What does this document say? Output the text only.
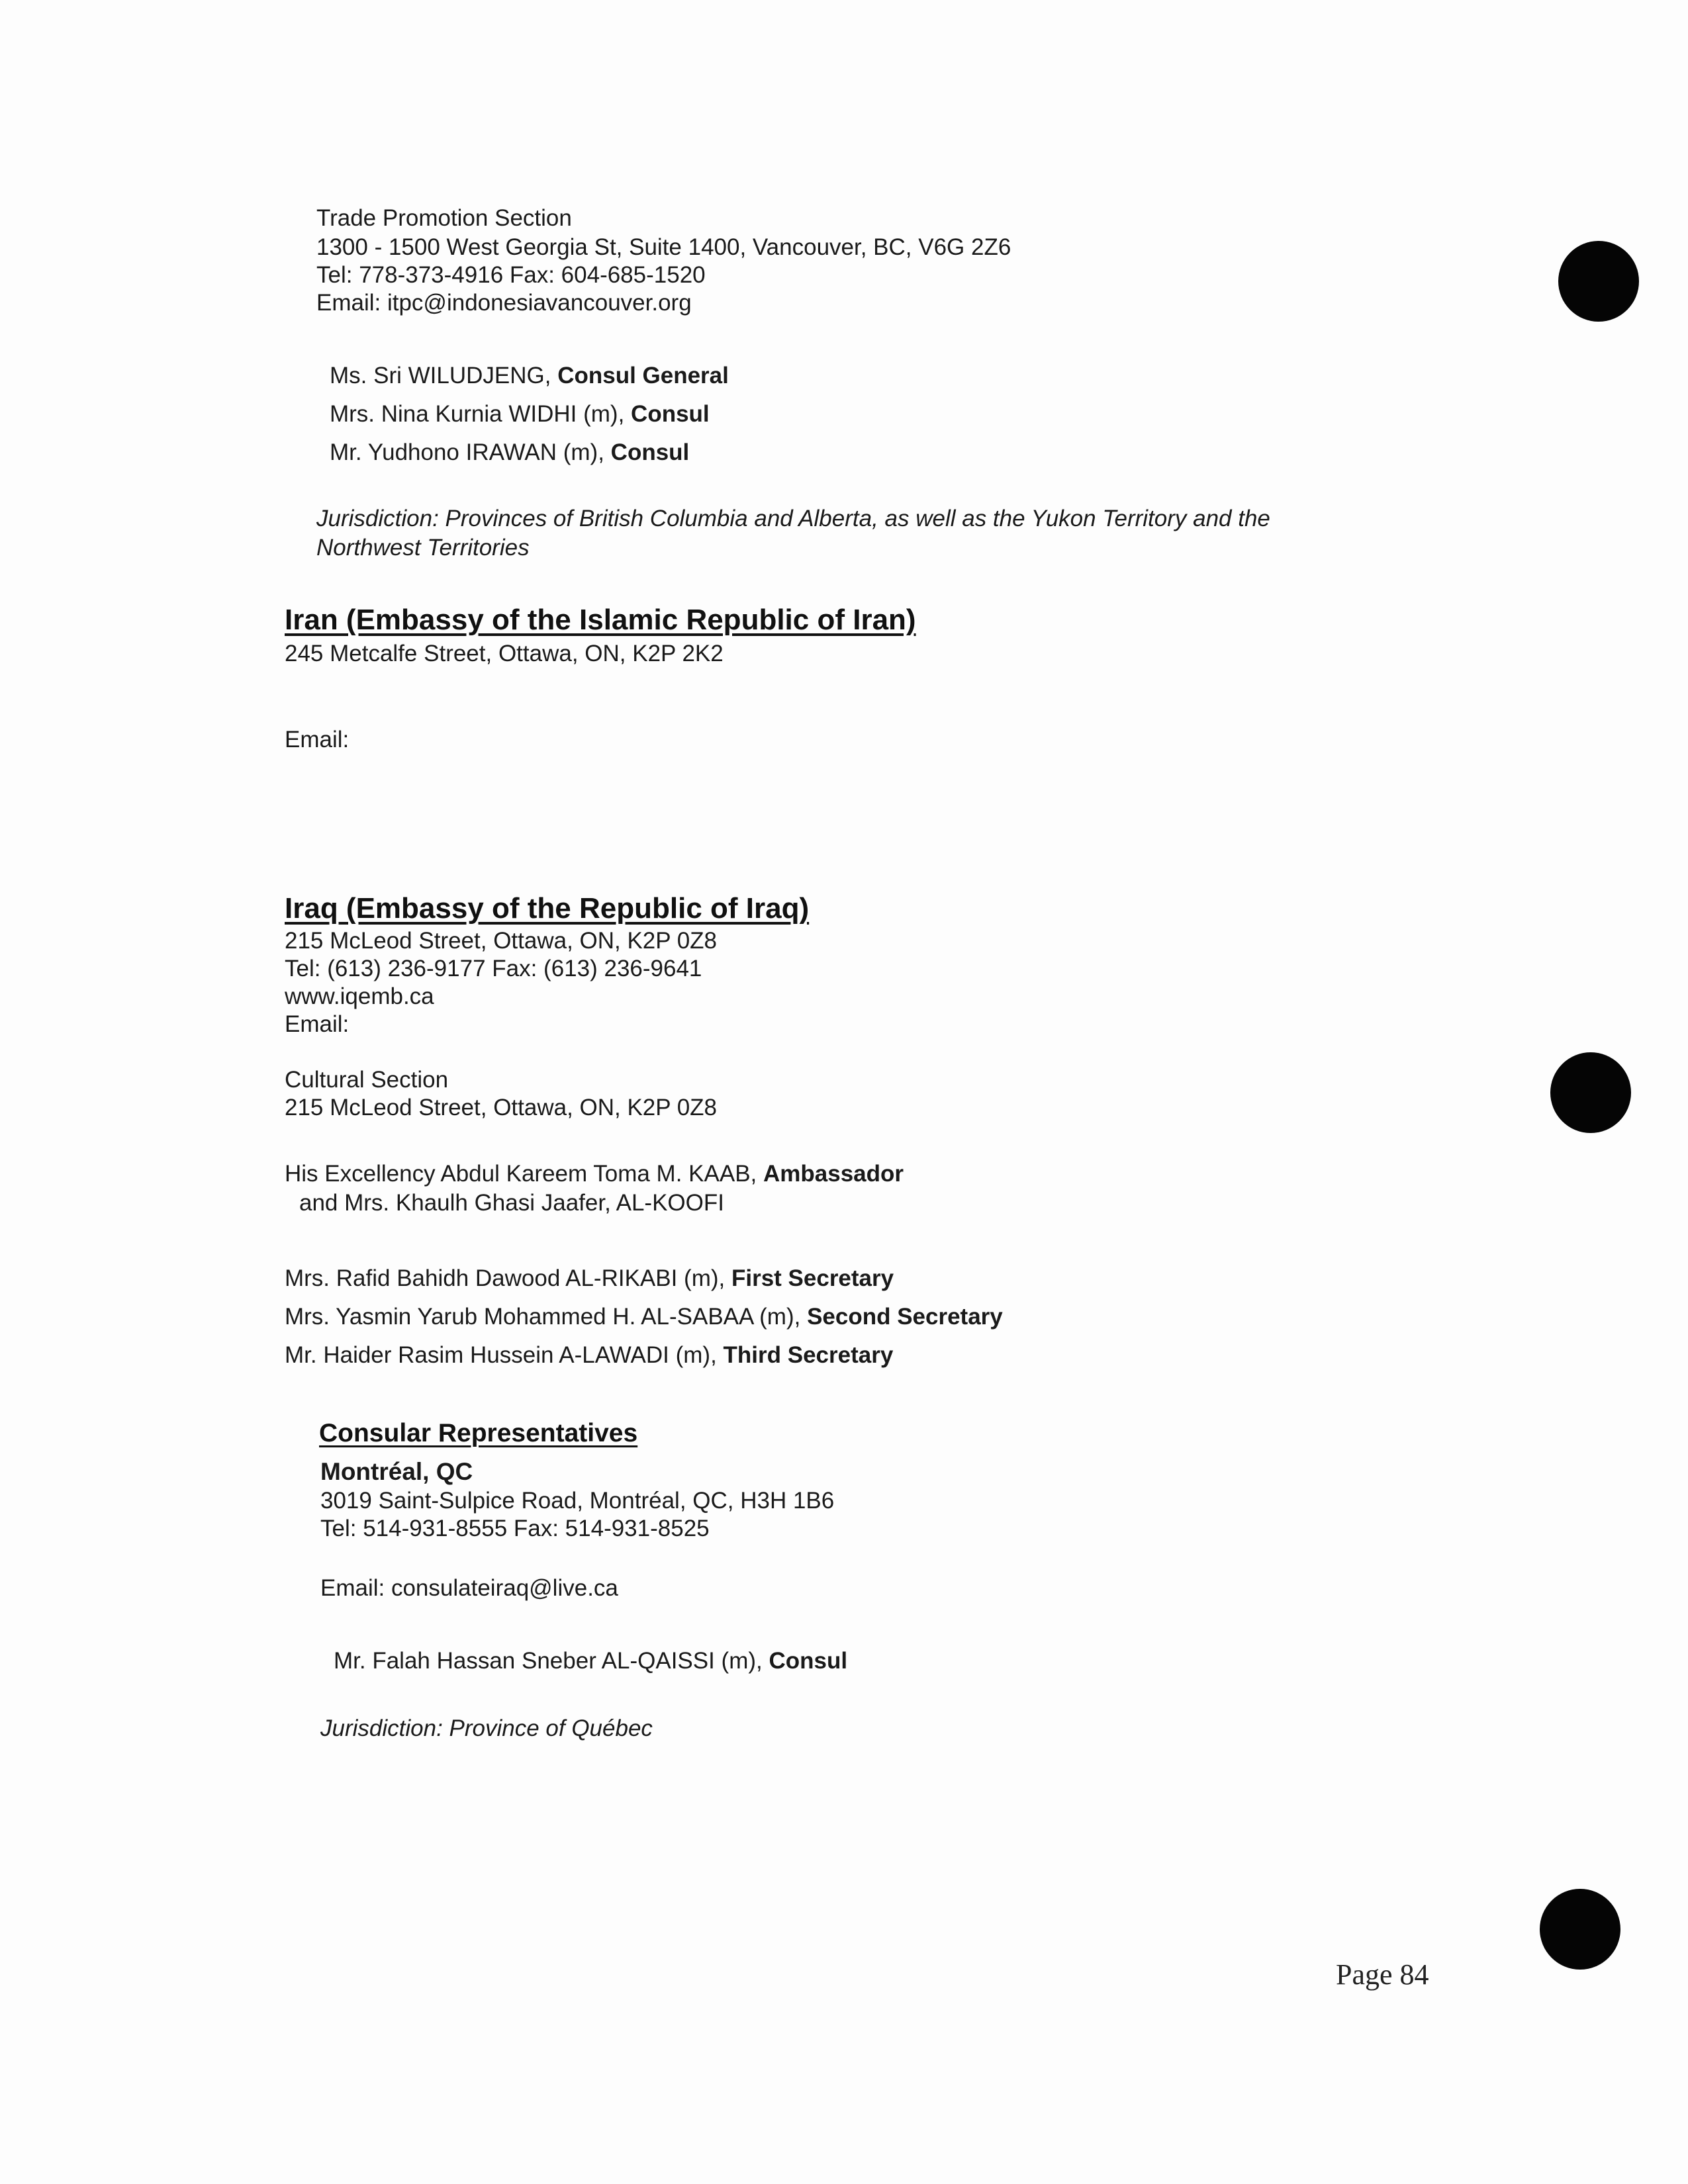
Trade Promotion Section
1300 - 1500 West Georgia St, Suite 1400, Vancouver, BC, V6G 2Z6
Tel: 778-373-4916 Fax: 604-685-1520
Email: itpc@indonesiavancouver.org
Ms. Sri WILUDJENG, Consul General
Mrs. Nina Kurnia WIDHI (m), Consul
Mr. Yudhono IRAWAN (m), Consul
Jurisdiction: Provinces of British Columbia and Alberta, as well as the Yukon Territory and the
Northwest Territories
Iran (Embassy of the Islamic Republic of Iran)
245 Metcalfe Street, Ottawa, ON, K2P 2K2
Email:
Iraq (Embassy of the Republic of Iraq)
215 McLeod Street, Ottawa, ON, K2P 0Z8
Tel: (613) 236-9177 Fax: (613) 236-9641
www.iqemb.ca
Email:
Cultural Section
215 McLeod Street, Ottawa, ON, K2P 0Z8
His Excellency Abdul Kareem Toma M. KAAB, Ambassador
and Mrs. Khaulh Ghasi Jaafer, AL-KOOFI
Mrs. Rafid Bahidh Dawood AL-RIKABI (m), First Secretary
Mrs. Yasmin Yarub Mohammed H. AL-SABAA (m), Second Secretary
Mr. Haider Rasim Hussein A-LAWADI (m), Third Secretary
Consular Representatives
Montréal, QC
3019 Saint-Sulpice Road, Montréal, QC, H3H 1B6
Tel: 514-931-8555 Fax: 514-931-8525
Email: consulateiraq@live.ca
Mr. Falah Hassan Sneber AL-QAISSI (m), Consul
Jurisdiction: Province of Québec
Page 84
